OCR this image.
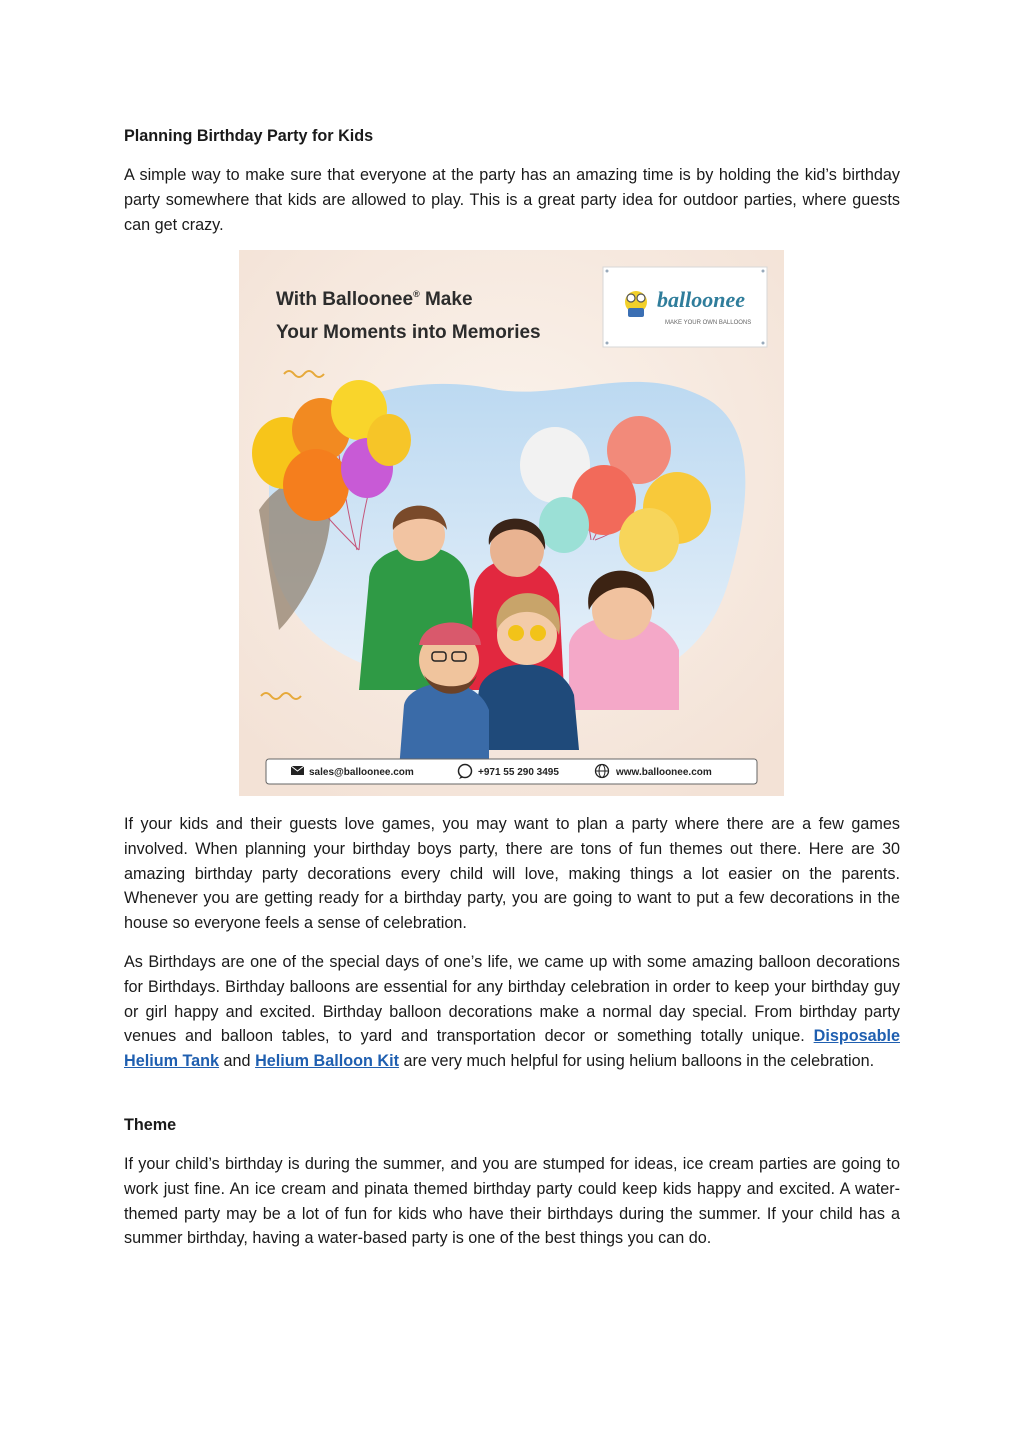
Planning Birthday Party for Kids
A simple way to make sure that everyone at the party has an amazing time is by holding the kid’s birthday party somewhere that kids are allowed to play. This is a great party idea for outdoor parties, where guests can get crazy.
With Balloonee® Make
Your Moments into Memories
balloonee
MAKE YOUR OWN BALLOONS
sales@balloonee.com	+971 55 290 3495	www.balloonee.com
If your kids and their guests love games, you may want to plan a party where there are a few games involved. When planning your birthday boys party, there are tons of fun themes out there. Here are 30 amazing birthday party decorations every child will love, making things a lot easier on the parents. Whenever you are getting ready for a birthday party, you are going to want to put a few decorations in the house so everyone feels a sense of celebration.
As Birthdays are one of the special days of one’s life, we came up with some amazing balloon decorations for Birthdays. Birthday balloons are essential for any birthday celebration in order to keep your birthday guy or girl happy and excited. Birthday balloon decorations make a normal day special. From birthday party venues and balloon tables, to yard and transportation decor or something totally unique. Disposable Helium Tank and Helium Balloon Kit are very much helpful for using helium balloons in the celebration.
Theme
If your child’s birthday is during the summer, and you are stumped for ideas, ice cream parties are going to work just fine. An ice cream and pinata themed birthday party could keep kids happy and excited. A water-themed party may be a lot of fun for kids who have their birthdays during the summer. If your child has a summer birthday, having a water-based party is one of the best things you can do.
